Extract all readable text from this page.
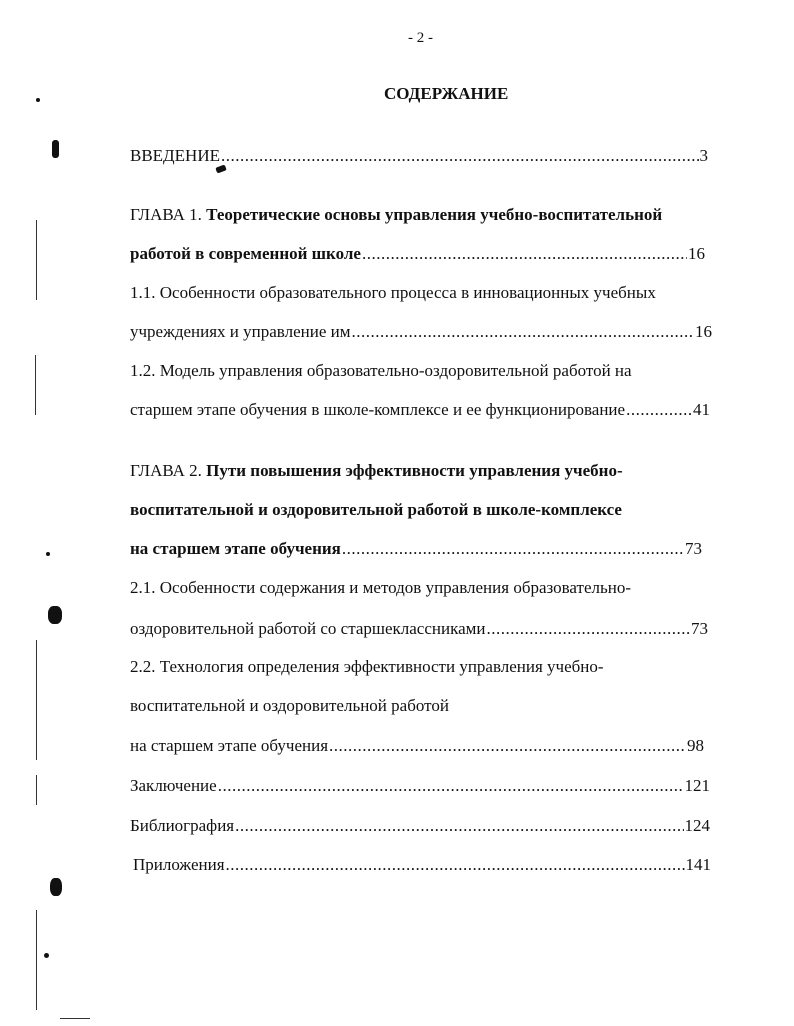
- 2 -
СОДЕРЖАНИЕ
ВВЕДЕНИЕ .....	3
ГЛАВА 1. Теоретические основы управления учебно-воспитательной
работой в современной школе .....	16
1.1. Особенности образовательного процесса в инновационных учебных
учреждениях и управление им .....	16
1.2. Модель управления образовательно-оздоровительной работой на
старшем этапе обучения в школе-комплексе и ее функционирование .....	41
ГЛАВА 2. Пути повышения эффективности управления учебно-
воспитательной и оздоровительной работой в школе-комплексе
на старшем этапе обучения .....	73
2.1. Особенности содержания и методов управления образовательно-
оздоровительной работой со старшеклассниками .....	73
2.2. Технология определения эффективности управления учебно-
воспитательной и оздоровительной работой
на старшем этапе обучения .....	98
Заключение .....	121
Библиография .....	124
Приложения .....	141
